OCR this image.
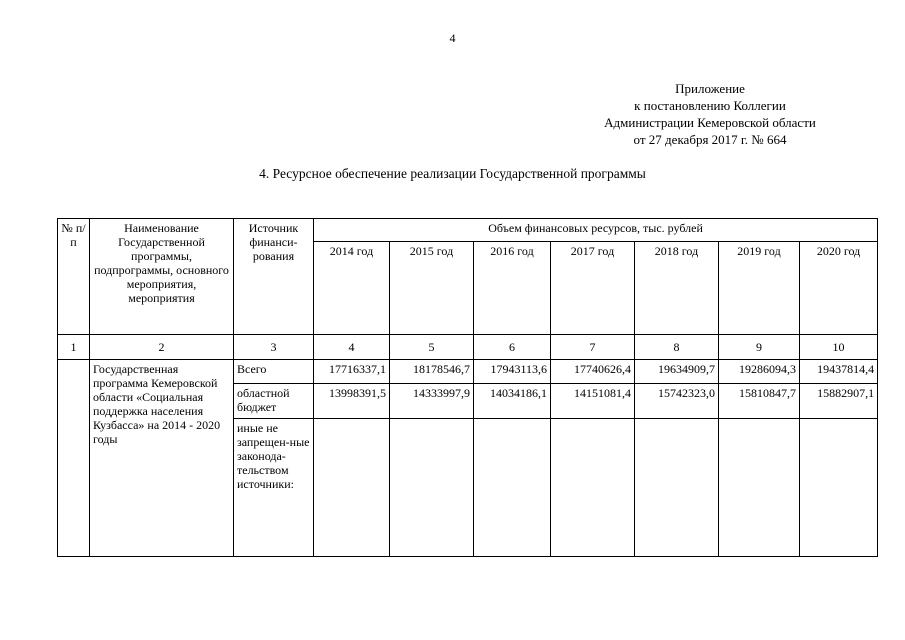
4
Приложение
к постановлению Коллегии
Администрации Кемеровской области
от 27 декабря 2017 г. № 664
4. Ресурсное обеспечение реализации Государственной программы
№ п/п	Наименование Государственной программы, подпрограммы, основного мероприятия, мероприятия	Источник финанси-рования	Объем финансовых ресурсов, тыс. рублей						
			2014 год	2015 год	2016 год	2017 год	2018 год	2019 год	2020 год
1	2	3	4	5	6	7	8	9	10
	Государственная программа Кемеровской области «Социальная поддержка населения Кузбасса» на 2014 - 2020 годы	Всего	17716337,1	18178546,7	17943113,6	17740626,4	19634909,7	19286094,3	19437814,4
		областной бюджет	13998391,5	14333997,9	14034186,1	14151081,4	15742323,0	15810847,7	15882907,1
		иные не запрещен-ные законода-тельством источники:							
